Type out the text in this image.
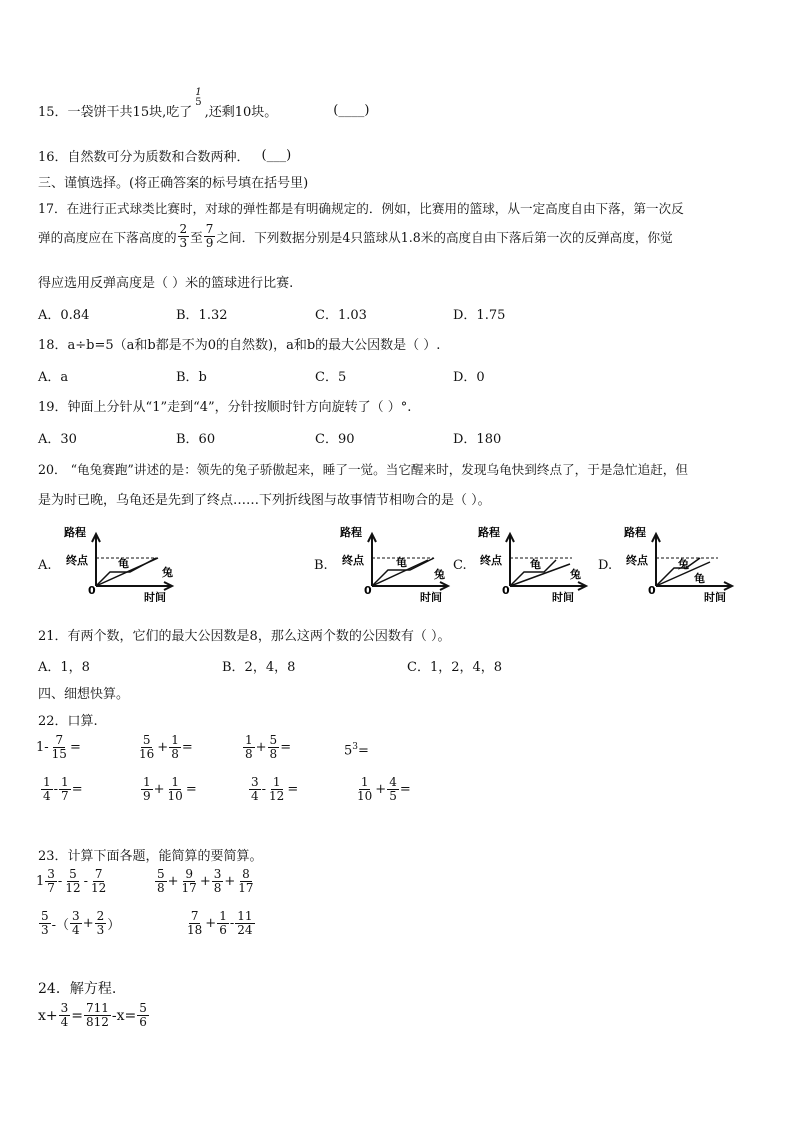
15．一袋饼干共15块,吃了
1
5
,还剩10块。	(____)
16．自然数可分为质数和合数两种． (___)
三、谨慎选择。(将正确答案的标号填在括号里)
17．在进行正式球类比赛时，对球的弹性都是有明确规定的．例如，比赛用的篮球，从一定高度自由下落，第一次反
弹的高度应在下落高度的 $\frac{2}{3}$ 至 $\frac{7}{9}$ 之间．下列数据分别是4只篮球从1.8米的高度自由下落后第一次的反弹高度，你觉
得应选用反弹高度是（ ）米的篮球进行比赛.
A．0.84	B．1.32	C．1.03	D．1.75
18．a÷b=5（a和b都是不为0的自然数)，a和b的最大公因数是（ ）.
A．a	B．b	C．5	D．0
19．钟面上分针从“1”走到“4”，分针按顺时针方向旋转了（ ）°.
A．30	B．60	C．90	D．180
20． “龟兔赛跑”讲述的是：领先的兔子骄傲起来，睡了一觉。当它醒来时，发现乌龟快到终点了，于是急忙追赶，但
是为时已晚，乌龟还是先到了终点……下列折线图与故事情节相吻合的是（ ）。
A.
路程
终点
0
时间
龟
兔	B.
路程
终点
0
时间
龟
兔
C.
路程
终点
0
时间
龟
兔
D.
路程
终点
0
时间
兔
龟
21．有两个数，它们的最大公因数是8，那么这两个数的公因数有（ ）。
A．1，8	B．2，4，8	C．1，2，4，8
四、细想快算。
22．口算.
$1- \frac{7}{15}$ =	$\frac{5}{16} + \frac{1}{8}$ =	$\frac{1}{8} + \frac{5}{8}$ =	$5^3=$
$\frac{1}{4} - \frac{1}{7}$ =	$\frac{1}{9} + \frac{1}{10}$ =	$\frac{3}{4} - \frac{1}{12}$ =	$\frac{1}{10} + \frac{4}{5}$ =
23．计算下面各题，能简算的要简算。
$1 \frac{3}{7} - \frac{5}{12} - \frac{7}{12}$	$\frac{5}{8} + \frac{9}{17} + \frac{3}{8} + \frac{8}{17}$
$\frac{5}{3}$ -（ $\frac{3}{4} + \frac{2}{3}$ ）	$\frac{7}{18} + \frac{1}{6} - \frac{11}{24}$
24．解方程.
$x+ \frac{3}{4} = \frac{711}{812} -x= \frac{5}{6}$
